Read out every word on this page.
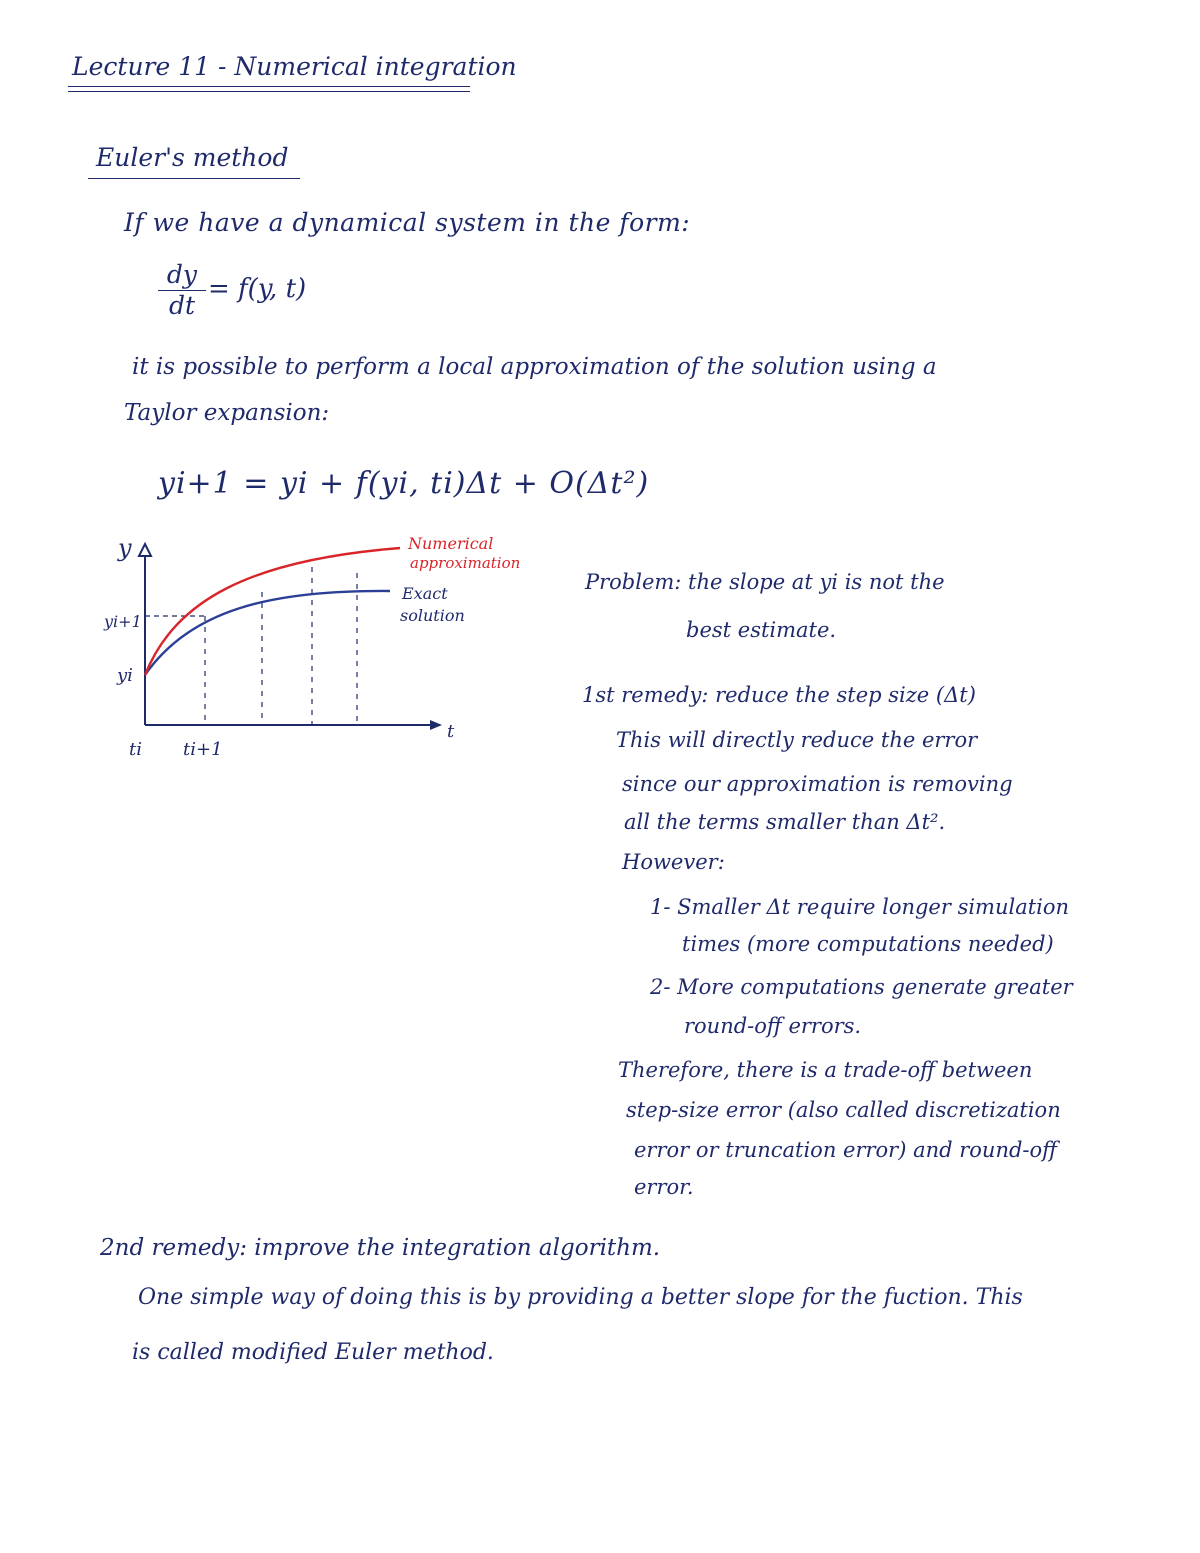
Lecture 11 - Numerical integration
Euler's method
If we have a dynamical system in the form:
dy
dt
= f(y, t)
it is possible to perform a local approximation of the solution using a
Taylor expansion:
yi+1 = yi + f(yi, ti)Δt + O(Δt²)
y
t
yi+1
yi
ti ti+1
Numerical
approximation
Exact
solution
Problem: the slope at yi is not the
best estimate.
1st remedy: reduce the step size (Δt)
This will directly reduce the error
since our approximation is removing
all the terms smaller than Δt².
However:
1- Smaller Δt require longer simulation
times (more computations needed)
2- More computations generate greater
round-off errors.
Therefore, there is a trade-off between
step-size error (also called discretization
error or truncation error) and round-off
error.
2nd remedy: improve the integration algorithm.
One simple way of doing this is by providing a better slope for the fuction. This
is called modified Euler method.
